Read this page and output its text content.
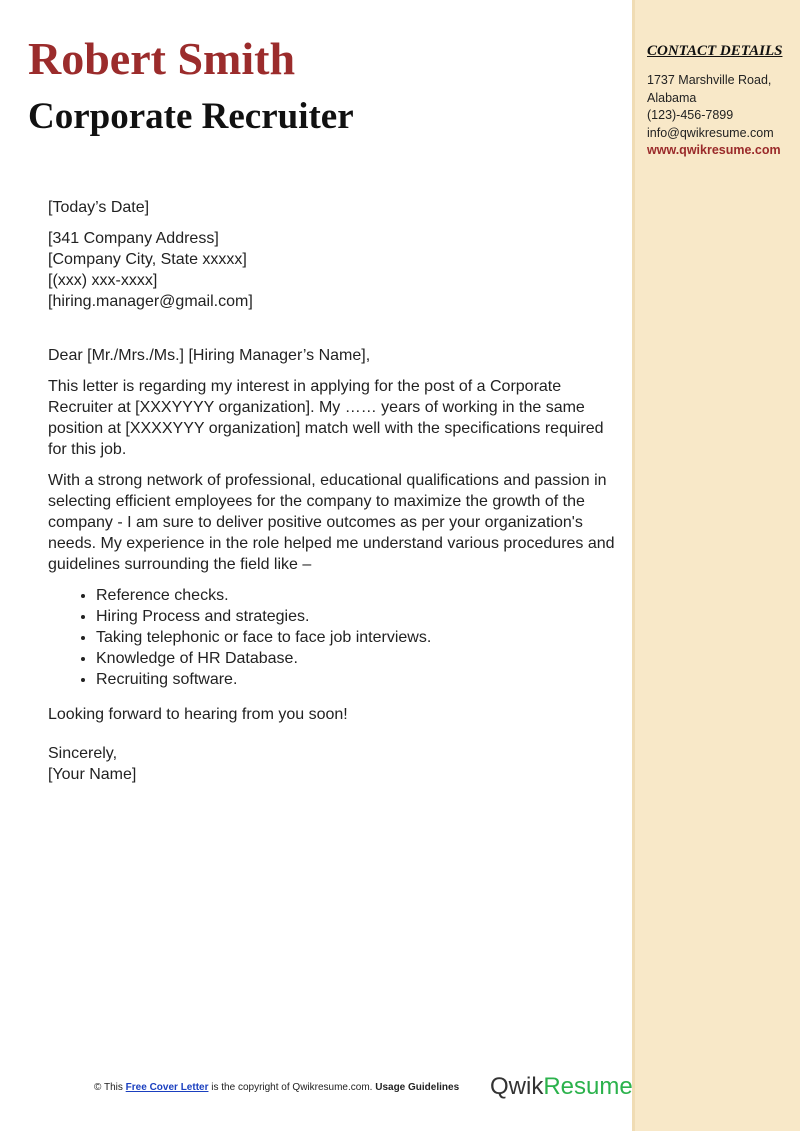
CONTACT DETAILS
1737 Marshville Road,
Alabama
(123)-456-7899
info@qwikresume.com
www.qwikresume.com
Robert Smith
Corporate Recruiter

[Today’s Date]

[341 Company Address]
[Company City, State xxxxx]
[(xxx) xxx-xxxx]
[hiring.manager@gmail.com]

Dear [Mr./Mrs./Ms.] [Hiring Manager’s Name],

This letter is regarding my interest in applying for the post of a Corporate Recruiter at [XXXYYYY organization]. My …… years of working in the same position at [XXXXYYY organization] match well with the specifications required for this job.

With a strong network of professional, educational qualifications and passion in selecting efficient employees for the company to maximize the growth of the company - I am sure to deliver positive outcomes as per your organization's needs. My experience in the role helped me understand various procedures and guidelines surrounding the field like –

• Reference checks.
• Hiring Process and strategies.
• Taking telephonic or face to face job interviews.
• Knowledge of HR Database.
• Recruiting software.

Looking forward to hearing from you soon!

Sincerely,
[Your Name]

© This Free Cover Letter is the copyright of Qwikresume.com. Usage Guidelines QwikResume
